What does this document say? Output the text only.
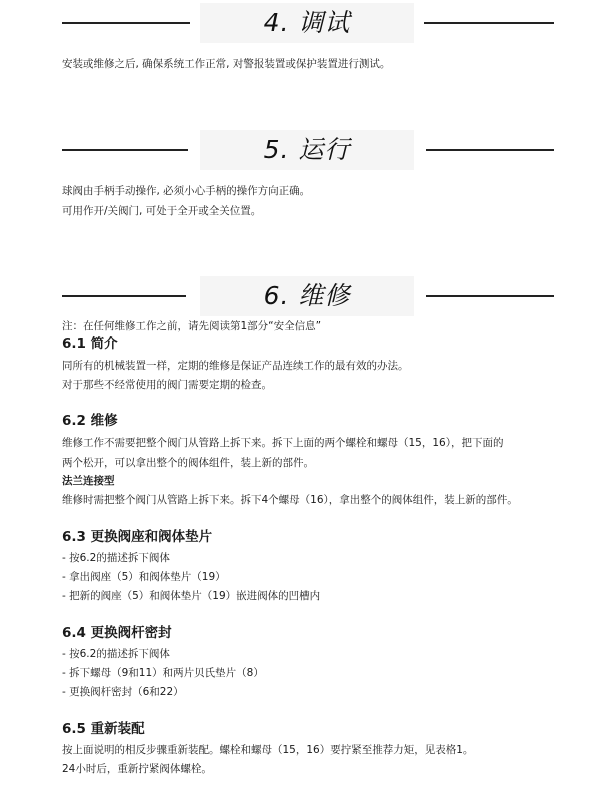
4. 调试
安装或维修之后, 确保系统工作正常, 对警报装置或保护装置进行测试。
5. 运行
球阀由手柄手动操作, 必须小心手柄的操作方向正确。
可用作开/关阀门, 可处于全开或全关位置。
6. 维修
注：在任何维修工作之前，请先阅读第1部分“安全信息”
6.1 简介
同所有的机械装置一样，定期的维修是保证产品连续工作的最有效的办法。
对于那些不经常使用的阀门需要定期的检查。
6.2 维修
维修工作不需要把整个阀门从管路上拆下来。拆下上面的两个螺栓和螺母（15，16），把下面的
两个松开，可以拿出整个的阀体组件，装上新的部件。
法兰连接型
维修时需把整个阀门从管路上拆下来。拆下4个螺母（16），拿出整个的阀体组件，装上新的部件。
6.3 更换阀座和阀体垫片
- 按6.2的描述拆下阀体
- 拿出阀座（5）和阀体垫片（19）
- 把新的阀座（5）和阀体垫片（19）嵌进阀体的凹槽内
6.4 更换阀杆密封
- 按6.2的描述拆下阀体
- 拆下螺母（9和11）和两片贝氏垫片（8）
- 更换阀杆密封（6和22）
6.5 重新装配
按上面说明的相反步骤重新装配。螺栓和螺母（15，16）要拧紧至推荐力矩，见表格1。
24小时后，重新拧紧阀体螺栓。
